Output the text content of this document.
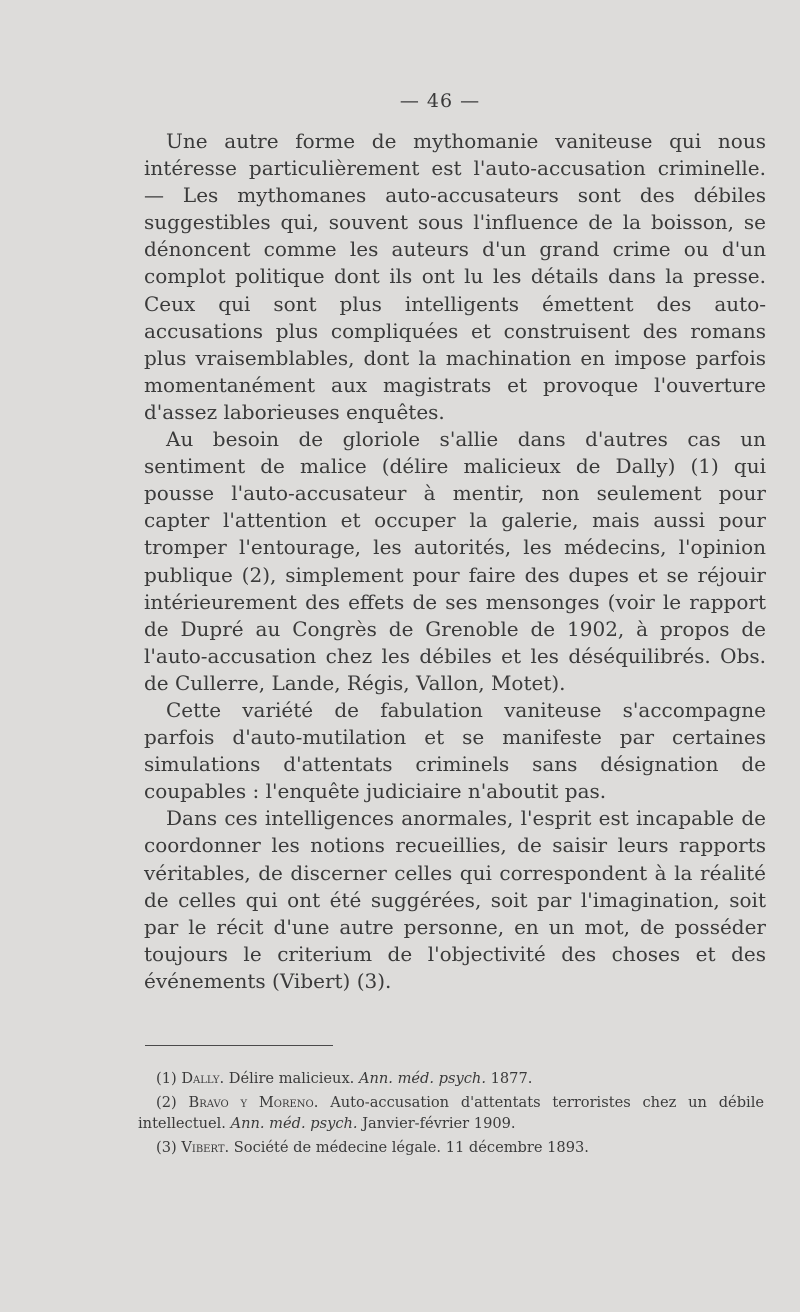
— 46 —

Une autre forme de mythomanie vaniteuse qui nous intéresse particulièrement est l'auto-accusation criminelle. — Les mythomanes auto-accusateurs sont des débiles suggestibles qui, souvent sous l'influence de la boisson, se dénoncent comme les auteurs d'un grand crime ou d'un complot politique dont ils ont lu les détails dans la presse. Ceux qui sont plus intelligents émettent des auto-accusations plus compliquées et construisent des romans plus vraisemblables, dont la machination en impose parfois momentanément aux magistrats et provoque l'ouverture d'assez laborieuses enquêtes.

Au besoin de gloriole s'allie dans d'autres cas un sentiment de malice (délire malicieux de Dally) (1) qui pousse l'auto-accusateur à mentir, non seulement pour capter l'attention et occuper la galerie, mais aussi pour tromper l'entourage, les autorités, les médecins, l'opinion publique (2), simplement pour faire des dupes et se réjouir intérieurement des effets de ses mensonges (voir le rapport de Dupré au Congrès de Grenoble de 1902, à propos de l'auto-accusation chez les débiles et les déséquilibrés. Obs. de Cullerre, Lande, Régis, Vallon, Motet).

Cette variété de fabulation vaniteuse s'accompagne parfois d'auto-mutilation et se manifeste par certaines simulations d'attentats criminels sans désignation de coupables : l'enquête judiciaire n'aboutit pas.

Dans ces intelligences anormales, l'esprit est incapable de coordonner les notions recueillies, de saisir leurs rapports véritables, de discerner celles qui correspondent à la réalité de celles qui ont été suggérées, soit par l'imagination, soit par le récit d'une autre personne, en un mot, de posséder toujours le criterium de l'objectivité des choses et des événements (Vibert) (3).

(1) Dally. Délire malicieux. Ann. méd. psych. 1877.

(2) Bravo y Moreno. Auto-accusation d'attentats terroristes chez un débile intellectuel. Ann. méd. psych. Janvier-février 1909.

(3) Vibert. Société de médecine légale. 11 décembre 1893.
